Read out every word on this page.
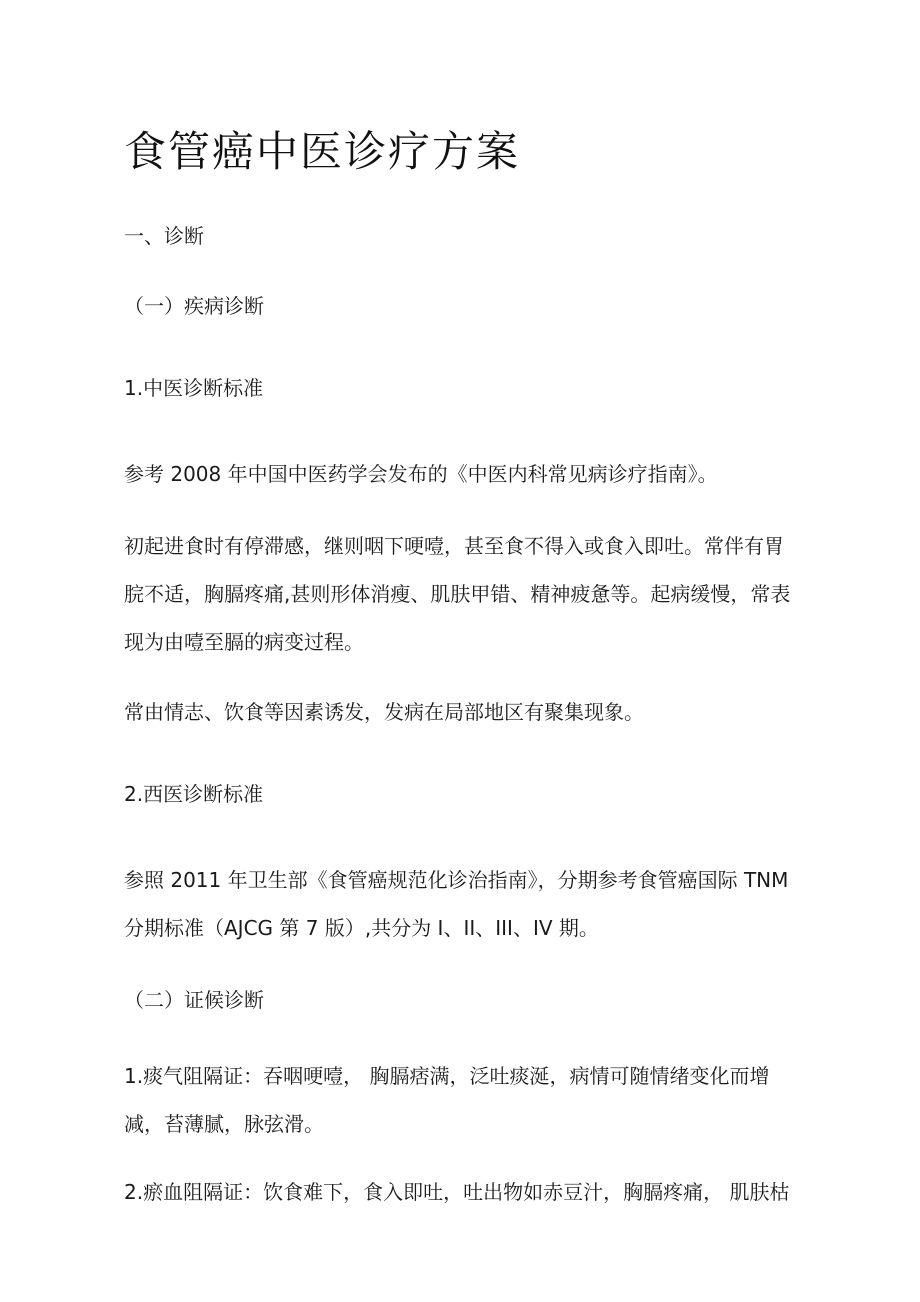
食管癌中医诊疗方案

一、诊断

（一）疾病诊断

1.中医诊断标准

参考 2008 年中国中医药学会发布的《中医内科常见病诊疗指南》。

初起进食时有停滞感，继则咽下哽噎，甚至食不得入或食入即吐。常伴有胃
脘不适，胸膈疼痛,甚则形体消瘦、肌肤甲错、精神疲惫等。起病缓慢，常表
现为由噎至膈的病变过程。

常由情志、饮食等因素诱发，发病在局部地区有聚集现象。

2.西医诊断标准

参照 2011 年卫生部《食管癌规范化诊治指南》，分期参考食管癌国际 TNM
分期标准（AJCG 第 7 版）,共分为 I、II、III、IV 期。

（二）证候诊断

1.痰气阻隔证：吞咽哽噎， 胸膈痞满，泛吐痰涎，病情可随情绪变化而增
减，苔薄腻，脉弦滑。

2.瘀血阻隔证：饮食难下，食入即吐，吐出物如赤豆汁，胸膈疼痛， 肌肤枯
